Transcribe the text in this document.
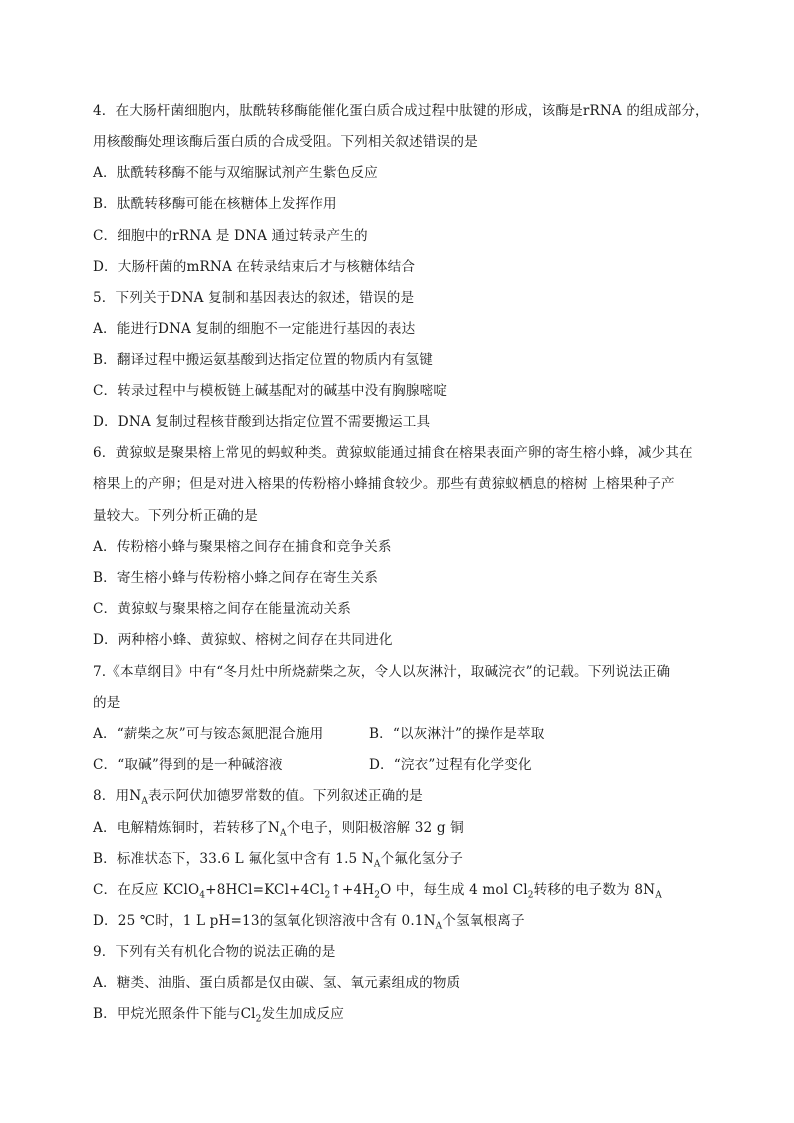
4．在大肠杆菌细胞内，肽酰转移酶能催化蛋白质合成过程中肽键的形成，该酶是rRNA 的组成部分，
用核酸酶处理该酶后蛋白质的合成受阻。下列相关叙述错误的是
A．肽酰转移酶不能与双缩脲试剂产生紫色反应
B．肽酰转移酶可能在核糖体上发挥作用
C．细胞中的rRNA 是 DNA 通过转录产生的
D．大肠杆菌的mRNA 在转录结束后才与核糖体结合
5．下列关于DNA 复制和基因表达的叙述，错误的是
A．能进行DNA 复制的细胞不一定能进行基因的表达
B．翻译过程中搬运氨基酸到达指定位置的物质内有氢键
C．转录过程中与模板链上碱基配对的碱基中没有胸腺嘧啶
D．DNA 复制过程核苷酸到达指定位置不需要搬运工具
6．黄猄蚁是聚果榕上常见的蚂蚁种类。黄猄蚁能通过捕食在榕果表面产卵的寄生榕小蜂，减少其在
榕果上的产卵；但是对进入榕果的传粉榕小蜂捕食较少。那些有黄猄蚁栖息的榕树 上榕果种子产
量较大。下列分析正确的是
A．传粉榕小蜂与聚果榕之间存在捕食和竞争关系
B．寄生榕小蜂与传粉榕小蜂之间存在寄生关系
C．黄猄蚁与聚果榕之间存在能量流动关系
D．两种榕小蜂、黄猄蚁、榕树之间存在共同进化
7.《本草纲目》中有“冬月灶中所烧薪柴之灰，令人以灰淋汁，取碱浣衣”的记载。下列说法正确
的是
A．“薪柴之灰”可与铵态氮肥混合施用	B．“以灰淋汁”的操作是萃取
C．“取碱”得到的是一种碱溶液	D．“浣衣”过程有化学变化
8．用$N_A$表示阿伏加德罗常数的值。下列叙述正确的是
A．电解精炼铜时，若转移了$N_A$个电子，则阳极溶解 32 g 铜
B．标准状态下，33.6 L 氟化氢中含有 1.5 $N_A$个氟化氢分子
C．在反应 $KClO_4+8HCl=KCl+4Cl_2↑+4H_2O$ 中，每生成 4 mol $Cl_2$转移的电子数为 $8N_A$
D．25 ℃时，1 L pH=13的氢氧化钡溶液中含有 $0.1N_A$个氢氧根离子
9．下列有关有机化合物的说法正确的是
A．糖类、油脂、蛋白质都是仅由碳、氢、氧元素组成的物质
B．甲烷光照条件下能与$Cl_2$发生加成反应
